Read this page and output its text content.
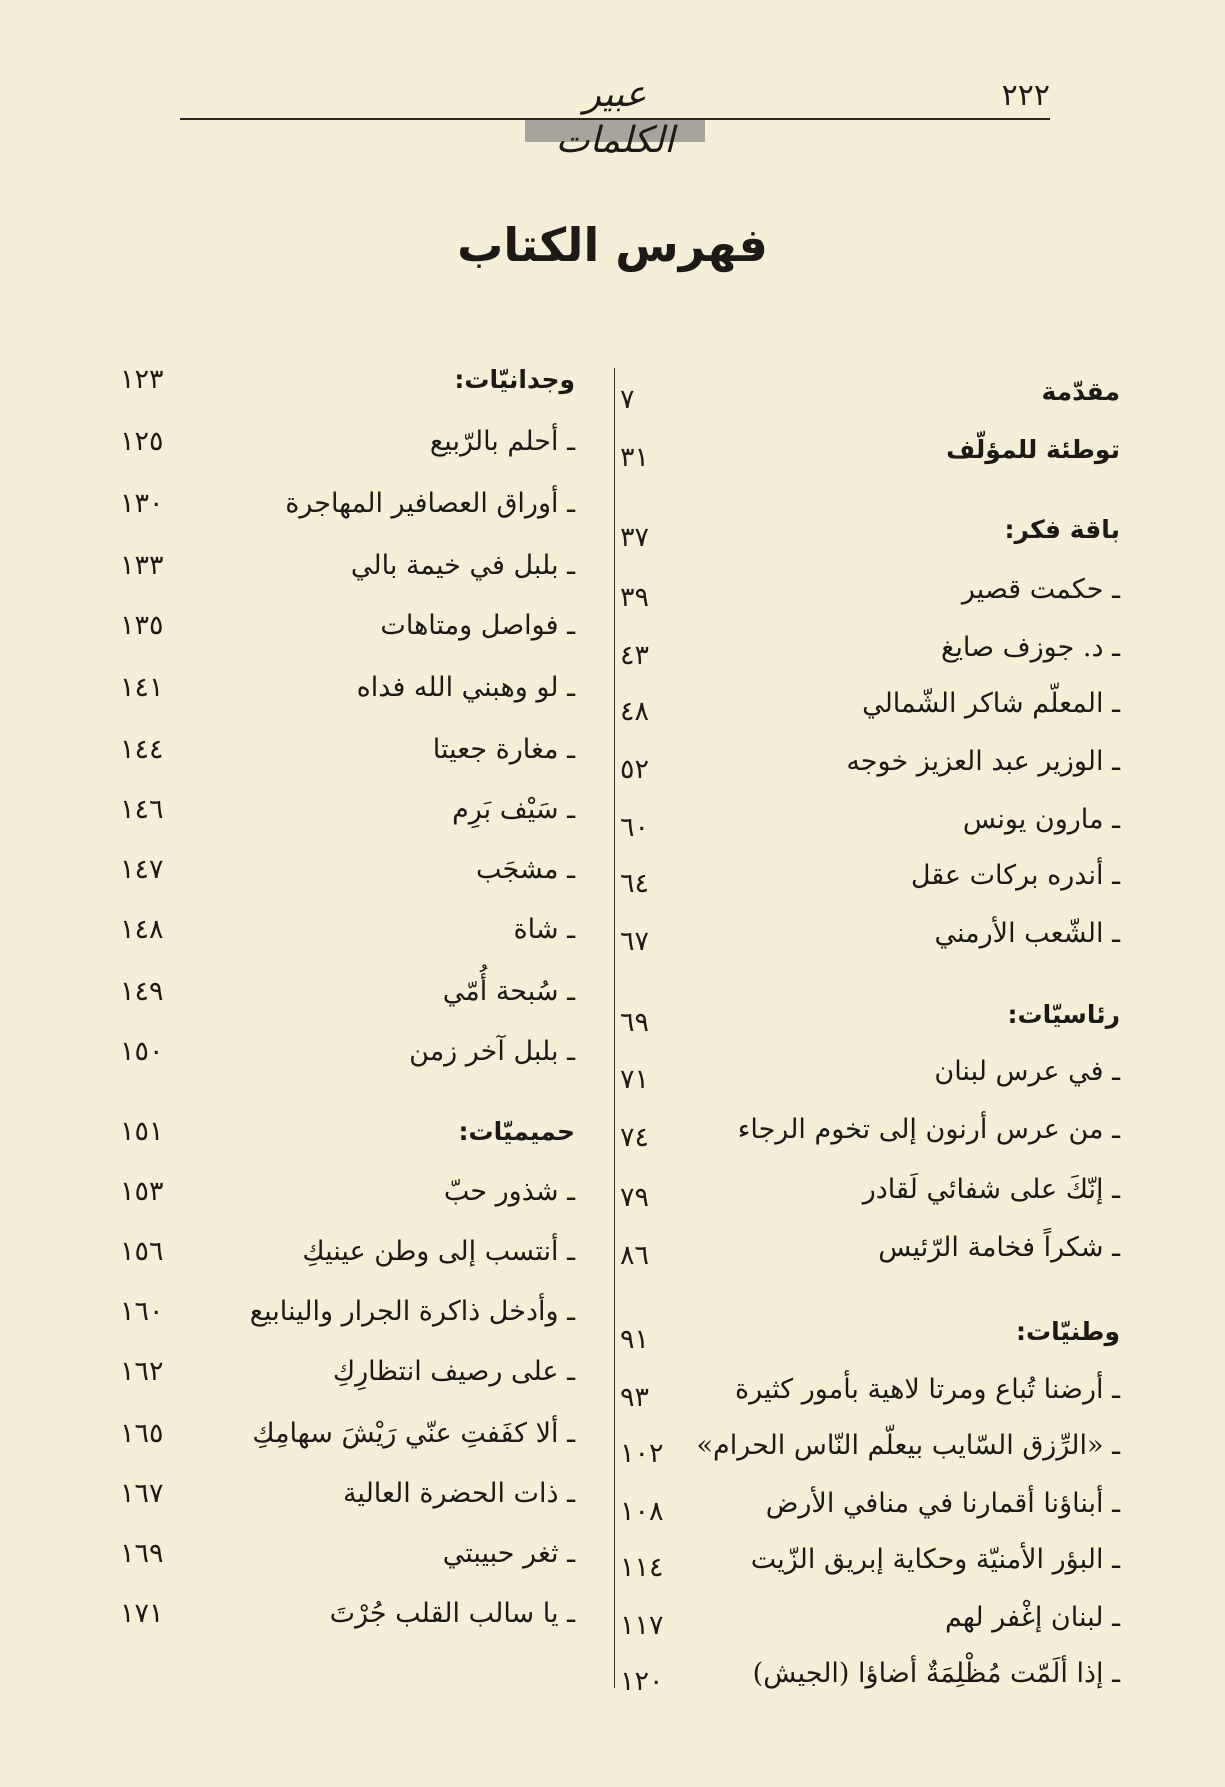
عبير الكلمات
٢٢٢
فهرس الكتاب
مقدّمة
٧
توطئة للمؤلّف
٣١
باقة فكر:
٣٧
ـ حكمت قصير
٣٩
ـ د. جوزف صايغ
٤٣
ـ المعلّم شاكر الشّمالي
٤٨
ـ الوزير عبد العزيز خوجه
٥٢
ـ مارون يونس
٦٠
ـ أندره بركات عقل
٦٤
ـ الشّعب الأرمني
٦٧
رئاسيّات:
٦٩
ـ في عرس لبنان
٧١
ـ من عرس أرنون إلى تخوم الرجاء
٧٤
ـ إنّكَ على شفائي لَقادر
٧٩
ـ شكراً فخامة الرّئيس
٨٦
وطنيّات:
٩١
ـ أرضنا تُباع ومرتا لاهية بأمور كثيرة
٩٣
ـ «الرِّزق السّايب بيعلّم النّاس الحرام»
١٠٢
ـ أبناؤنا أقمارنا في منافي الأرض
١٠٨
ـ البؤر الأمنيّة وحكاية إبريق الزّيت
١١٤
ـ لبنان إغْفر لهم
١١٧
ـ إذا ألَمّت مُظْلِمَةٌ أضاؤا (الجيش)
١٢٠
وجدانيّات:
١٢٣
ـ أحلم بالرّبيع
١٢٥
ـ أوراق العصافير المهاجرة
١٣٠
ـ بلبل في خيمة بالي
١٣٣
ـ فواصل ومتاهات
١٣٥
ـ لو وهبني الله فداه
١٤١
ـ مغارة جعيتا
١٤٤
ـ سَيْف بَرِم
١٤٦
ـ مشجَب
١٤٧
ـ شاة
١٤٨
ـ سُبحة أُمّي
١٤٩
ـ بلبل آخر زمن
١٥٠
حميميّات:
١٥١
ـ شذور حبّ
١٥٣
ـ أنتسب إلى وطن عينيكِ
١٥٦
ـ وأدخل ذاكرة الجرار والينابيع
١٦٠
ـ على رصيف انتظارِكِ
١٦٢
ـ ألا كفَفتِ عنّي رَيْشَ سهامِكِ
١٦٥
ـ ذات الحضرة العالية
١٦٧
ـ ثغر حبيبتي
١٦٩
ـ يا سالب القلب جُرْتَ
١٧١
